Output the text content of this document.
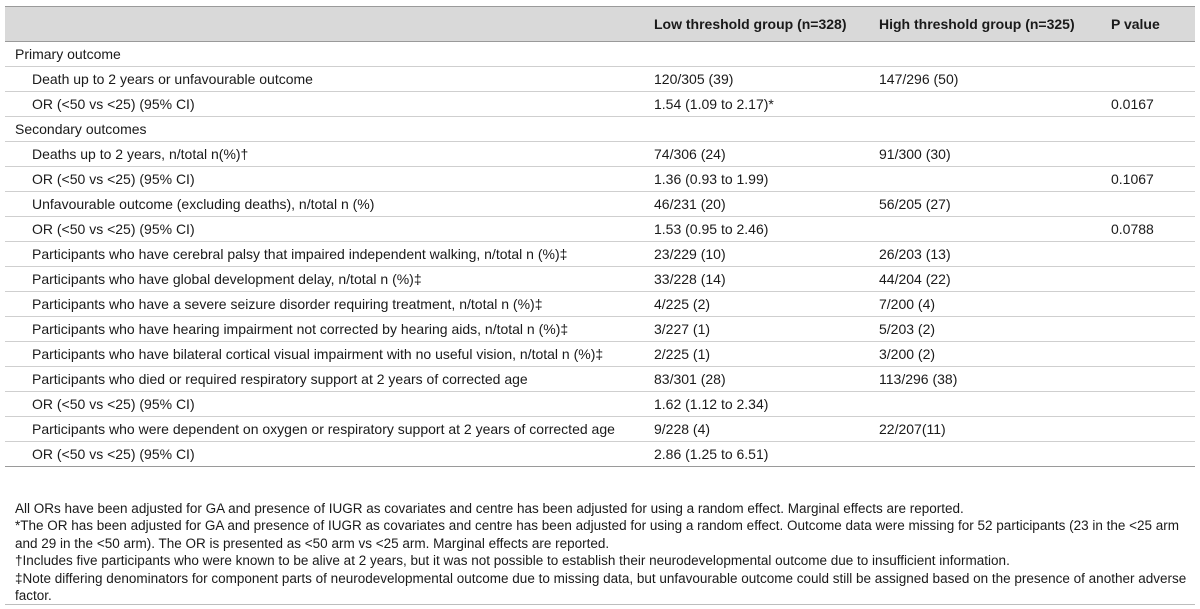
	Low threshold group (n=328)	High threshold group (n=325)	P value
Primary outcome			
Death up to 2 years or unfavourable outcome	120/305 (39)	147/296 (50)	
OR (<50 vs <25) (95% CI)	1.54 (1.09 to 2.17)*		0.0167
Secondary outcomes			
Deaths up to 2 years, n/total n(%)†	74/306 (24)	91/300 (30)	
OR (<50 vs <25) (95% CI)	1.36 (0.93 to 1.99)		0.1067
Unfavourable outcome (excluding deaths), n/total n (%)	46/231 (20)	56/205 (27)	
OR (<50 vs <25) (95% CI)	1.53 (0.95 to 2.46)		0.0788
Participants who have cerebral palsy that impaired independent walking, n/total n (%)‡	23/229 (10)	26/203 (13)	
Participants who have global development delay, n/total n (%)‡	33/228 (14)	44/204 (22)	
Participants who have a severe seizure disorder requiring treatment, n/total n (%)‡	4/225 (2)	7/200 (4)	
Participants who have hearing impairment not corrected by hearing aids, n/total n (%)‡	3/227 (1)	5/203 (2)	
Participants who have bilateral cortical visual impairment with no useful vision, n/total n (%)‡	2/225 (1)	3/200 (2)	
Participants who died or required respiratory support at 2 years of corrected age	83/301 (28)	113/296 (38)	
OR (<50 vs <25) (95% CI)	1.62 (1.12 to 2.34)		
Participants who were dependent on oxygen or respiratory support at 2 years of corrected age	9/228 (4)	22/207(11)	
OR (<50 vs <25) (95% CI)	2.86 (1.25 to 6.51)		

All ORs have been adjusted for GA and presence of IUGR as covariates and centre has been adjusted for using a random effect. Marginal effects are reported.

*The OR has been adjusted for GA and presence of IUGR as covariates and centre has been adjusted for using a random effect. Outcome data were missing for 52 participants (23 in the <25 arm and 29 in the <50 arm). The OR is presented as <50 arm vs <25 arm. Marginal effects are reported.

†Includes five participants who were known to be alive at 2 years, but it was not possible to establish their neurodevelopmental outcome due to insufficient information.

‡Note differing denominators for component parts of neurodevelopmental outcome due to missing data, but unfavourable outcome could still be assigned based on the presence of another adverse factor.
